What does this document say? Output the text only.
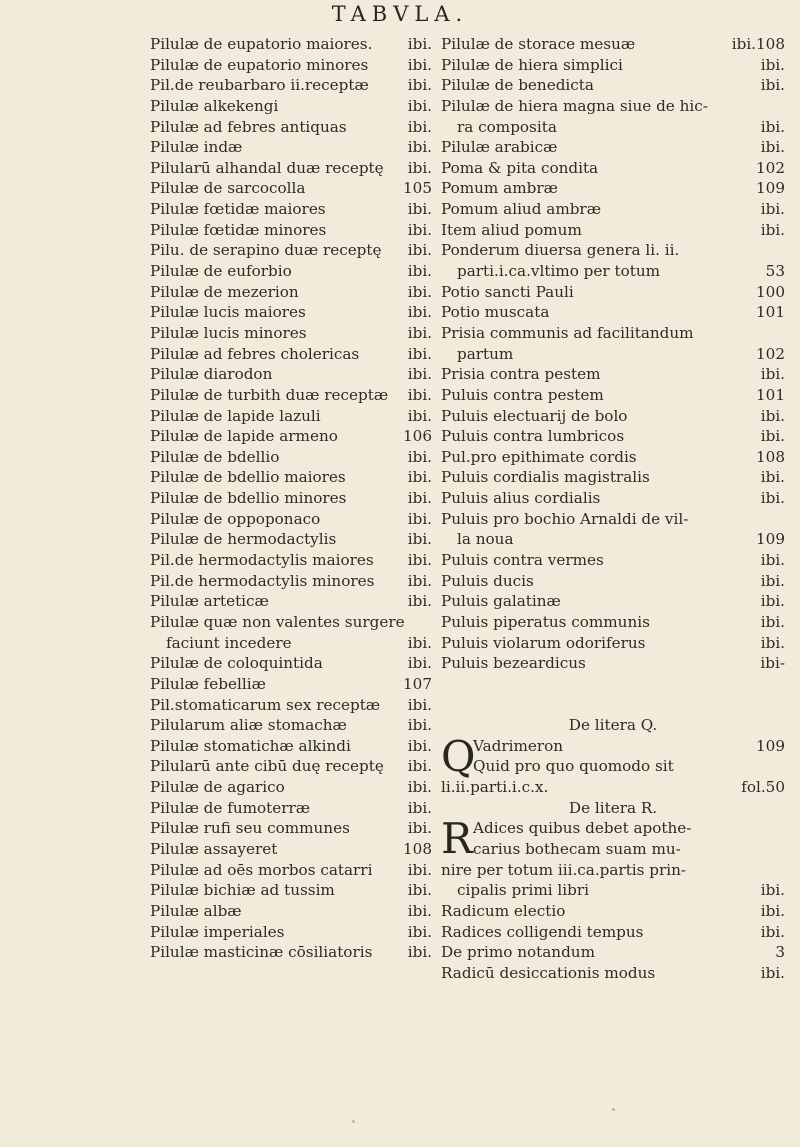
TABVLA.
Pilulæ de eupatorio maiores. ibi.
Pilulæ de eupatorio minores	ibi.
Pil.de reubarbaro ii.receptæ	ibi.
Pilulæ alkekengi	ibi.
Pilulæ ad febres antiquas	ibi.
Pilulæ indæ	ibi.
Pilularū alhandal duæ receptę ibi.
Pilulæ de sarcocolla	105
Pilulæ fœtidæ maiores	ibi.
Pilulæ fœtidæ minores	ibi.
Pilu. de serapino duæ receptę ibi.
Pilulæ de euforbio	ibi.
Pilulæ de mezerion	ibi.
Pilulæ lucis maiores	ibi.
Pilulæ lucis minores	ibi.
Pilulæ ad febres cholericas	ibi.
Pilulæ diarodon	ibi.
Pilulæ de turbith duæ receptæ ibi.
Pilulæ de lapide lazuli	ibi.
Pilulæ de lapide armeno	106
Pilulæ de bdellio	ibi.
Pilulæ de bdellio maiores	ibi.
Pilulæ de bdellio minores	ibi.
Pilulæ de oppoponaco	ibi.
Pilulæ de hermodactylis	ibi.
Pil.de hermodactylis maiores ibi.
Pil.de hermodactylis minores ibi.
Pilulæ arteticæ	ibi.
Pilulæ quæ non valentes surgere
faciunt incedere	ibi.
Pilulæ de coloquintida	ibi.
Pilulæ febelliæ	107
Pil.stomaticarum sex receptæ ibi.
Pilularum aliæ stomachæ	ibi.
Pilulæ stomatichæ alkindi	ibi.
Pilularū ante cibū duę receptę ibi.
Pilulæ de agarico	ibi.
Pilulæ de fumoterræ	ibi.
Pilulæ rufi seu communes	ibi.
Pilulæ assayeret	108
Pilulæ ad oēs morbos catarri ibi.
Pilulæ bichiæ ad tussim	ibi.
Pilulæ albæ	ibi.
Pilulæ imperiales	ibi.
Pilulæ masticinæ cōsiliatoris ibi.
Pilulæ de storace mesuæ	ibi.108
Pilulæ de hiera simplici	ibi.
Pilulæ de benedicta	ibi.
Pilulæ de hiera magna siue de hic-
ra composita	ibi.
Pilulæ arabicæ	ibi.
Poma & pita condita	102
Pomum ambræ	109
Pomum aliud ambræ	ibi.
Item aliud pomum	ibi.
Ponderum diuersa genera li. ii.
parti.i.ca.vltimo per totum	53
Potio sancti Pauli	100
Potio muscata	101
Prisia communis ad facilitandum
partum	102
Prisia contra pestem	ibi.
Puluis contra pestem	101
Puluis electuarij de bolo	ibi.
Puluis contra lumbricos	ibi.
Pul.pro epithimate cordis	108
Puluis cordialis magistralis	ibi.
Puluis alius cordialis	ibi.
Puluis pro bochio Arnaldi de vil-
la noua	109
Puluis contra vermes	ibi.
Puluis ducis	ibi.
Puluis galatinæ	ibi.
Puluis piperatus communis	ibi.
Puluis violarum odoriferus	ibi.
Puluis bezeardicus	ibi-
De litera Q.
Q
Vadrimeron	109
Quid pro quo quomodo sit
li.ii.parti.i.c.x.	fol.50
De litera R.
R Adices quibus debet apothe-
carius bothecam suam mu-
nire per totum iii.ca.partis prin-
cipalis primi libri	ibi.
Radicum electio	ibi.
Radices colligendi tempus	ibi.
De primo notandum	3
Radicū desiccationis modus	ibi.
